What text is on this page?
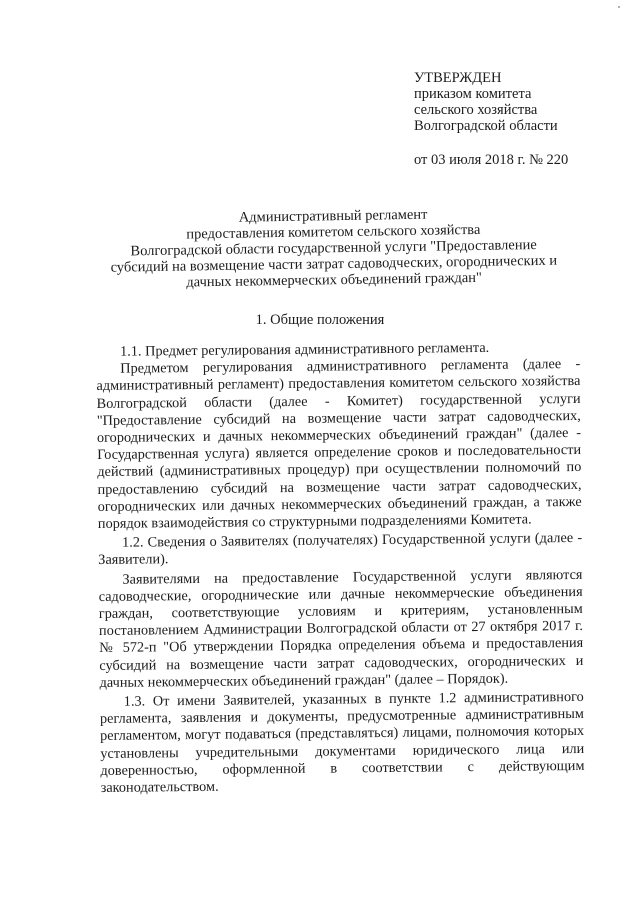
УТВЕРЖДЕН
приказом комитета
сельского хозяйства
Волгоградской области
от 03 июля 2018 г. № 220
Административный регламент
предоставления комитетом сельского хозяйства
Волгоградской области государственной услуги "Предоставление
субсидий на возмещение части затрат садоводческих, огороднических и
дачных некоммерческих объединений граждан"
1. Общие положения

1.1. Предмет регулирования административного регламента.

Предметом регулирования административного регламента (далее - административный регламент) предоставления комитетом сельского хозяйства Волгоградской области (далее - Комитет) государственной услуги "Предоставление субсидий на возмещение части затрат садоводческих, огороднических и дачных некоммерческих объединений граждан" (далее - Государственная услуга) является определение сроков и последовательности действий (административных процедур) при осуществлении полномочий по предоставлению субсидий на возмещение части затрат садоводческих, огороднических или дачных некоммерческих объединений граждан, а также порядок взаимодействия со структурными подразделениями Комитета.

1.2. Сведения о Заявителях (получателях) Государственной услуги (далее - Заявители).

Заявителями на предоставление Государственной услуги являются садоводческие, огороднические или дачные некоммерческие объединения граждан, соответствующие условиям и критериям, установленным постановлением Администрации Волгоградской области от 27 октября 2017 г. № 572-п "Об утверждении Порядка определения объема и предоставления субсидий на возмещение части затрат садоводческих, огороднических и дачных некоммерческих объединений граждан" (далее – Порядок).

1.3. От имени Заявителей, указанных в пункте 1.2 административного регламента, заявления и документы, предусмотренные административным регламентом, могут подаваться (представляться) лицами, полномочия которых установлены учредительными документами юридического лица или доверенностью, оформленной в соответствии с действующим законодательством.
